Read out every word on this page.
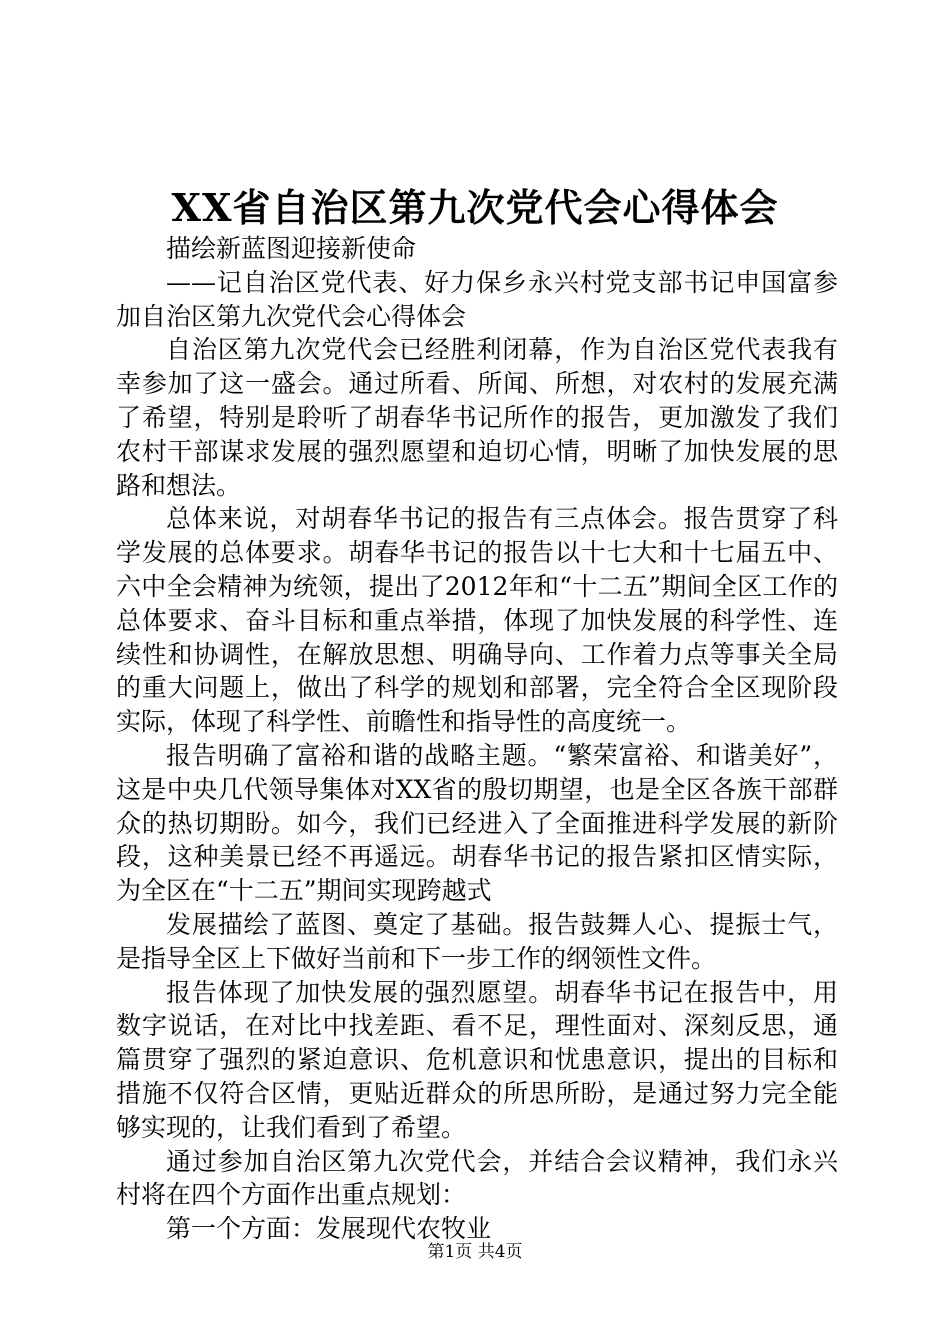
XX省自治区第九次党代会心得体会

描绘新蓝图迎接新使命

——记自治区党代表、好力保乡永兴村党支部书记申国富参加自治区第九次党代会心得体会

自治区第九次党代会已经胜利闭幕，作为自治区党代表我有幸参加了这一盛会。通过所看、所闻、所想，对农村的发展充满了希望，特别是聆听了胡春华书记所作的报告，更加激发了我们农村干部谋求发展的强烈愿望和迫切心情，明晰了加快发展的思路和想法。

总体来说，对胡春华书记的报告有三点体会。报告贯穿了科学发展的总体要求。胡春华书记的报告以十七大和十七届五中、六中全会精神为统领，提出了2012年和“十二五”期间全区工作的总体要求、奋斗目标和重点举措，体现了加快发展的科学性、连续性和协调性，在解放思想、明确导向、工作着力点等事关全局的重大问题上，做出了科学的规划和部署，完全符合全区现阶段实际，体现了科学性、前瞻性和指导性的高度统一。

报告明确了富裕和谐的战略主题。“繁荣富裕、和谐美好”，这是中央几代领导集体对XX省的殷切期望，也是全区各族干部群众的热切期盼。如今，我们已经进入了全面推进科学发展的新阶段，这种美景已经不再遥远。胡春华书记的报告紧扣区情实际，为全区在“十二五”期间实现跨越式

发展描绘了蓝图、奠定了基础。报告鼓舞人心、提振士气，是指导全区上下做好当前和下一步工作的纲领性文件。

报告体现了加快发展的强烈愿望。胡春华书记在报告中，用数字说话，在对比中找差距、看不足，理性面对、深刻反思，通篇贯穿了强烈的紧迫意识、危机意识和忧患意识，提出的目标和措施不仅符合区情，更贴近群众的所思所盼，是通过努力完全能够实现的，让我们看到了希望。

通过参加自治区第九次党代会，并结合会议精神，我们永兴村将在四个方面作出重点规划：

第一个方面：发展现代农牧业

第1页 共4页
